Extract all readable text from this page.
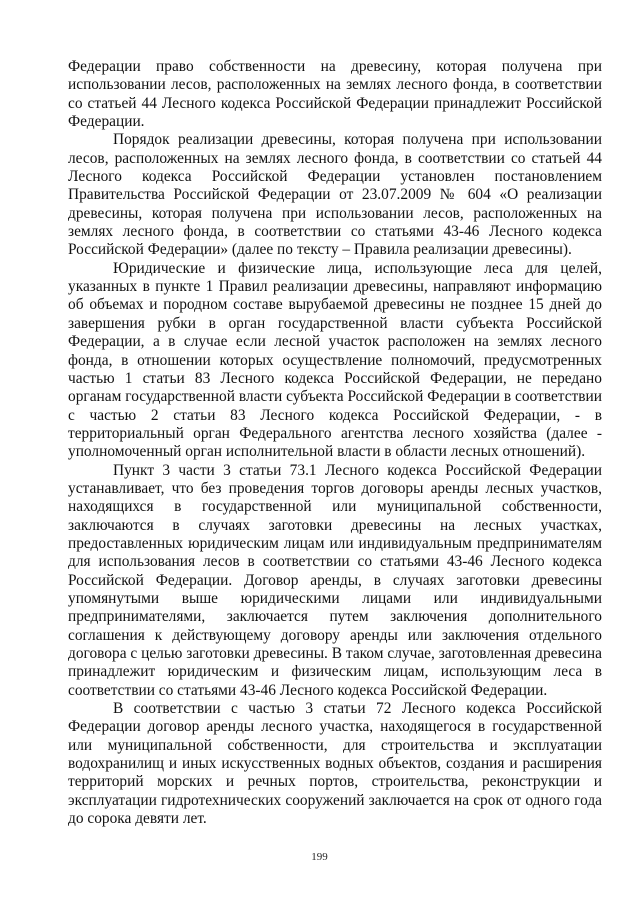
Федерации право собственности на древесину, которая получена при использовании лесов, расположенных на землях лесного фонда, в соответствии со статьей 44 Лесного кодекса Российской Федерации принадлежит Российской Федерации.

Порядок реализации древесины, которая получена при использовании лесов, расположенных на землях лесного фонда, в соответствии со статьей 44 Лесного кодекса Российской Федерации установлен постановлением Правительства Российской Федерации от 23.07.2009 № 604 «О реализации древесины, которая получена при использовании лесов, расположенных на землях лесного фонда, в соответствии со статьями 43-46 Лесного кодекса Российской Федерации» (далее по тексту – Правила реализации древесины).

Юридические и физические лица, использующие леса для целей, указанных в пункте 1 Правил реализации древесины, направляют информацию об объемах и породном составе вырубаемой древесины не позднее 15 дней до завершения рубки в орган государственной власти субъекта Российской Федерации, а в случае если лесной участок расположен на землях лесного фонда, в отношении которых осуществление полномочий, предусмотренных частью 1 статьи 83 Лесного кодекса Российской Федерации, не передано органам государственной власти субъекта Российской Федерации в соответствии с частью 2 статьи 83 Лесного кодекса Российской Федерации, - в территориальный орган Федерального агентства лесного хозяйства (далее - уполномоченный орган исполнительной власти в области лесных отношений).

Пункт 3 части 3 статьи 73.1 Лесного кодекса Российской Федерации устанавливает, что без проведения торгов договоры аренды лесных участков, находящихся в государственной или муниципальной собственности, заключаются в случаях заготовки древесины на лесных участках, предоставленных юридическим лицам или индивидуальным предпринимателям для использования лесов в соответствии со статьями 43-46 Лесного кодекса Российской Федерации. Договор аренды, в случаях заготовки древесины упомянутыми выше юридическими лицами или индивидуальными предпринимателями, заключается путем заключения дополнительного соглашения к действующему договору аренды или заключения отдельного договора с целью заготовки древесины. В таком случае, заготовленная древесина принадлежит юридическим и физическим лицам, использующим леса в соответствии со статьями 43-46 Лесного кодекса Российской Федерации.

В соответствии с частью 3 статьи 72 Лесного кодекса Российской Федерации договор аренды лесного участка, находящегося в государственной или муниципальной собственности, для строительства и эксплуатации водохранилищ и иных искусственных водных объектов, создания и расширения территорий морских и речных портов, строительства, реконструкции и эксплуатации гидротехнических сооружений заключается на срок от одного года до сорока девяти лет.

199
